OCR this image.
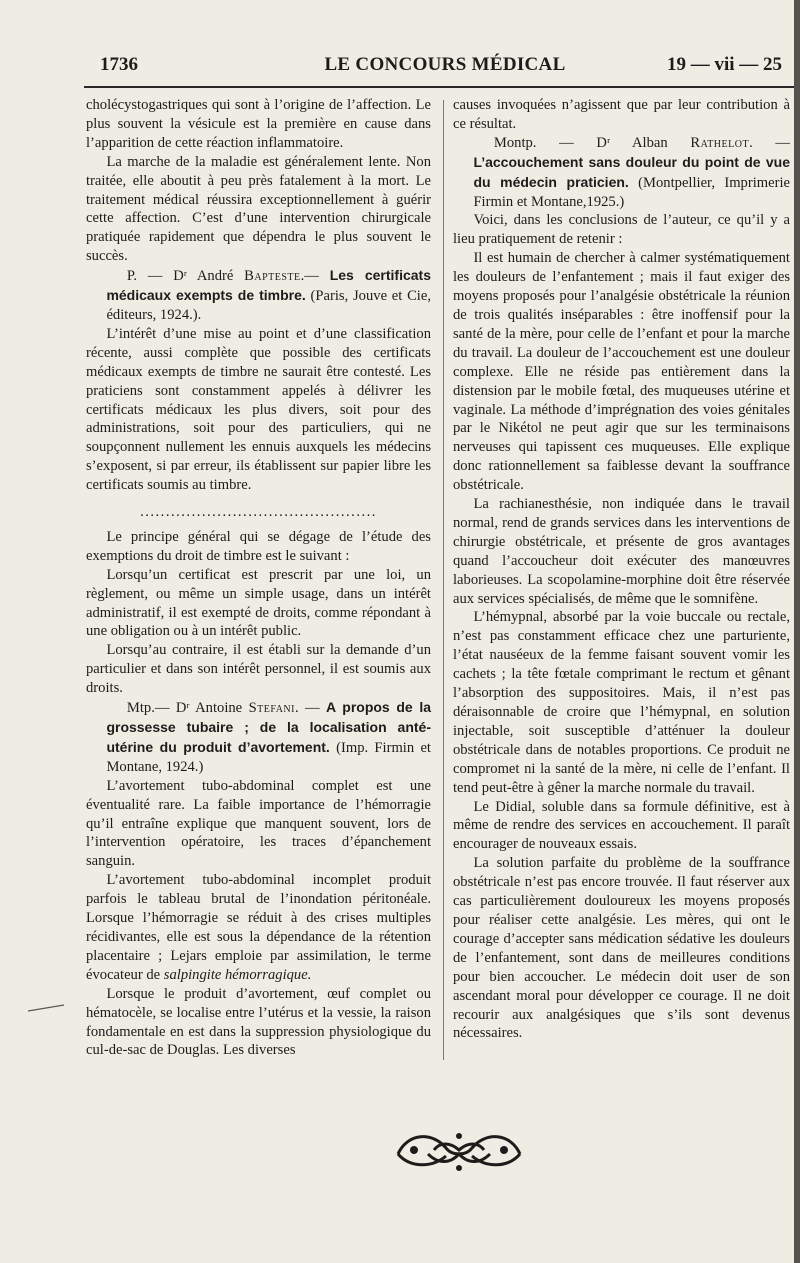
1736	LE CONCOURS MÉDICAL	19 — vii — 25

cholécystogastriques qui sont à l’origine de l’affection. Le plus souvent la vésicule est la première en cause dans l’apparition de cette réaction inflammatoire.

La marche de la maladie est généralement lente. Non traitée, elle aboutit à peu près fatalement à la mort. Le traitement médical réussira exceptionnellement à guérir cette affection. C’est d’une intervention chirurgicale pratiquée rapidement que dépendra le plus souvent le succès.

P. — Dʳ André Bapteste.— Les certificats médicaux exempts de timbre. (Paris, Jouve et Cie, éditeurs, 1924.).

L’intérêt d’une mise au point et d’une classification récente, aussi complète que possible des certificats médicaux exempts de timbre ne saurait être contesté. Les praticiens sont constamment appelés à délivrer les certificats médicaux les plus divers, soit pour des administrations, soit pour des particuliers, qui ne soupçonnent nullement les ennuis auxquels les médecins s’exposent, si par erreur, ils établissent sur papier libre les certificats soumis au timbre.

..............................................

Le principe général qui se dégage de l’étude des exemptions du droit de timbre est le suivant :

Lorsqu’un certificat est prescrit par une loi, un règlement, ou même un simple usage, dans un intérêt administratif, il est exempté de droits, comme répondant à une obligation ou à un intérêt public.

Lorsqu’au contraire, il est établi sur la demande d’un particulier et dans son intérêt personnel, il est soumis aux droits.

Mtp.— Dʳ Antoine Stefani. — A propos de la grossesse tubaire ; de la localisation anté-utérine du produit d’avortement. (Imp. Firmin et Montane, 1924.)

L’avortement tubo-abdominal complet est une éventualité rare. La faible importance de l’hémorragie qu’il entraîne explique que manquent souvent, lors de l’intervention opératoire, les traces d’épanchement sanguin.

L’avortement tubo-abdominal incomplet produit parfois le tableau brutal de l’inondation péritonéale. Lorsque l’hémorragie se réduit à des crises multiples récidivantes, elle est sous la dépendance de la rétention placentaire ; Lejars emploie par assimilation, le terme évocateur de salpingite hémorragique.

Lorsque le produit d’avortement, œuf complet ou hématocèle, se localise entre l’utérus et la vessie, la raison fondamentale en est dans la suppression physiologique du cul-de-sac de Douglas. Les diverses

causes invoquées n’agissent que par leur contribution à ce résultat.

Montp. — Dʳ Alban Rathelot. —L’accouchement sans douleur du point de vue du médecin praticien. (Montpellier, Imprimerie Firmin et Montane,1925.)

Voici, dans les conclusions de l’auteur, ce qu’il y a lieu pratiquement de retenir :

Il est humain de chercher à calmer systématiquement les douleurs de l’enfantement ; mais il faut exiger des moyens proposés pour l’analgésie obstétricale la réunion de trois qualités inséparables : être inoffensif pour la santé de la mère, pour celle de l’enfant et pour la marche du travail. La douleur de l’accouchement est une douleur complexe. Elle ne réside pas entièrement dans la distension par le mobile fœtal, des muqueuses utérine et vaginale. La méthode d’imprégnation des voies génitales par le Nikétol ne peut agir que sur les terminaisons nerveuses qui tapissent ces muqueuses. Elle explique donc rationnellement sa faiblesse devant la souffrance obstétricale.

La rachianesthésie, non indiquée dans le travail normal, rend de grands services dans les interventions de chirurgie obstétricale, et présente de gros avantages quand l’accoucheur doit exécuter des manœuvres laborieuses. La scopolamine-morphine doit être réservée aux services spécialisés, de même que le somnifène.

L’hémypnal, absorbé par la voie buccale ou rectale, n’est pas constamment efficace chez une parturiente, l’état nauséeux de la femme faisant souvent vomir les cachets ; la tête fœtale comprimant le rectum et gênant l’absorption des suppositoires. Mais, il n’est pas déraisonnable de croire que l’hémypnal, en solution injectable, soit susceptible d’atténuer la douleur obstétricale dans de notables proportions. Ce produit ne compromet ni la santé de la mère, ni celle de l’enfant. Il tend peut-être à gêner la marche normale du travail.

Le Didial, soluble dans sa formule définitive, est à même de rendre des services en accouchement. Il paraît encourager de nouveaux essais.

La solution parfaite du problème de la souffrance obstétricale n’est pas encore trouvée. Il faut réserver aux cas particulièrement douloureux les moyens proposés pour réaliser cette analgésie. Les mères, qui ont le courage d’accepter sans médication sédative les douleurs de l’enfantement, sont dans de meilleures conditions pour bien accoucher. Le médecin doit user de son ascendant moral pour développer ce courage. Il ne doit recourir aux analgésiques que s’ils sont devenus nécessaires.
